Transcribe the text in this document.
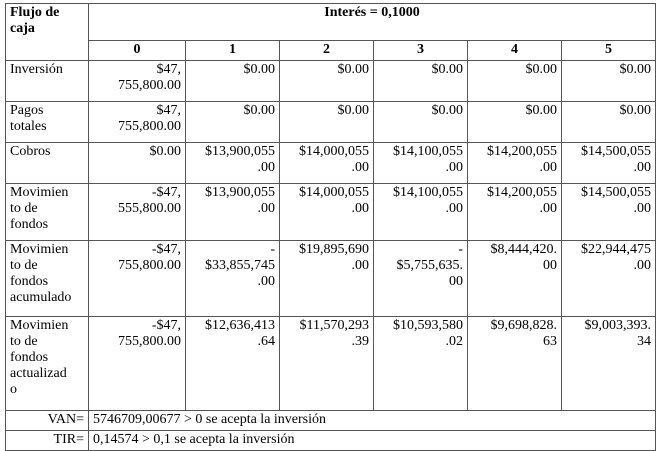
Flujo de
caja	Interés = 0,1000					
	0	1	2	3	4	5
Inversión	$47,
755,800.00	$0.00	$0.00	$0.00	$0.00	$0.00
Pagos
totales	$47,
755,800.00	$0.00	$0.00	$0.00	$0.00	$0.00
Cobros	$0.00	$13,900,055
.00	$14,000,055
.00	$14,100,055
.00	$14,200,055
.00	$14,500,055
.00
Movimien
to de
fondos	-$47,
555,800.00	$13,900,055
.00	$14,000,055
.00	$14,100,055
.00	$14,200,055
.00	$14,500,055
.00
Movimien
to de
fondos
acumulado	-$47,
755,800.00	-
$33,855,745
.00	$19,895,690
.00	-
$5,755,635.
00	$8,444,420.
00	$22,944,475
.00
Movimien
to de
fondos
actualizad
o	-$47,
755,800.00	$12,636,413
.64	$11,570,293
.39	$10,593,580
.02	$9,698,828.
63	$9,003,393.
34
VAN=	5746709,00677 > 0 se acepta la inversión					
TIR=	0,14574 > 0,1 se acepta la inversión					
